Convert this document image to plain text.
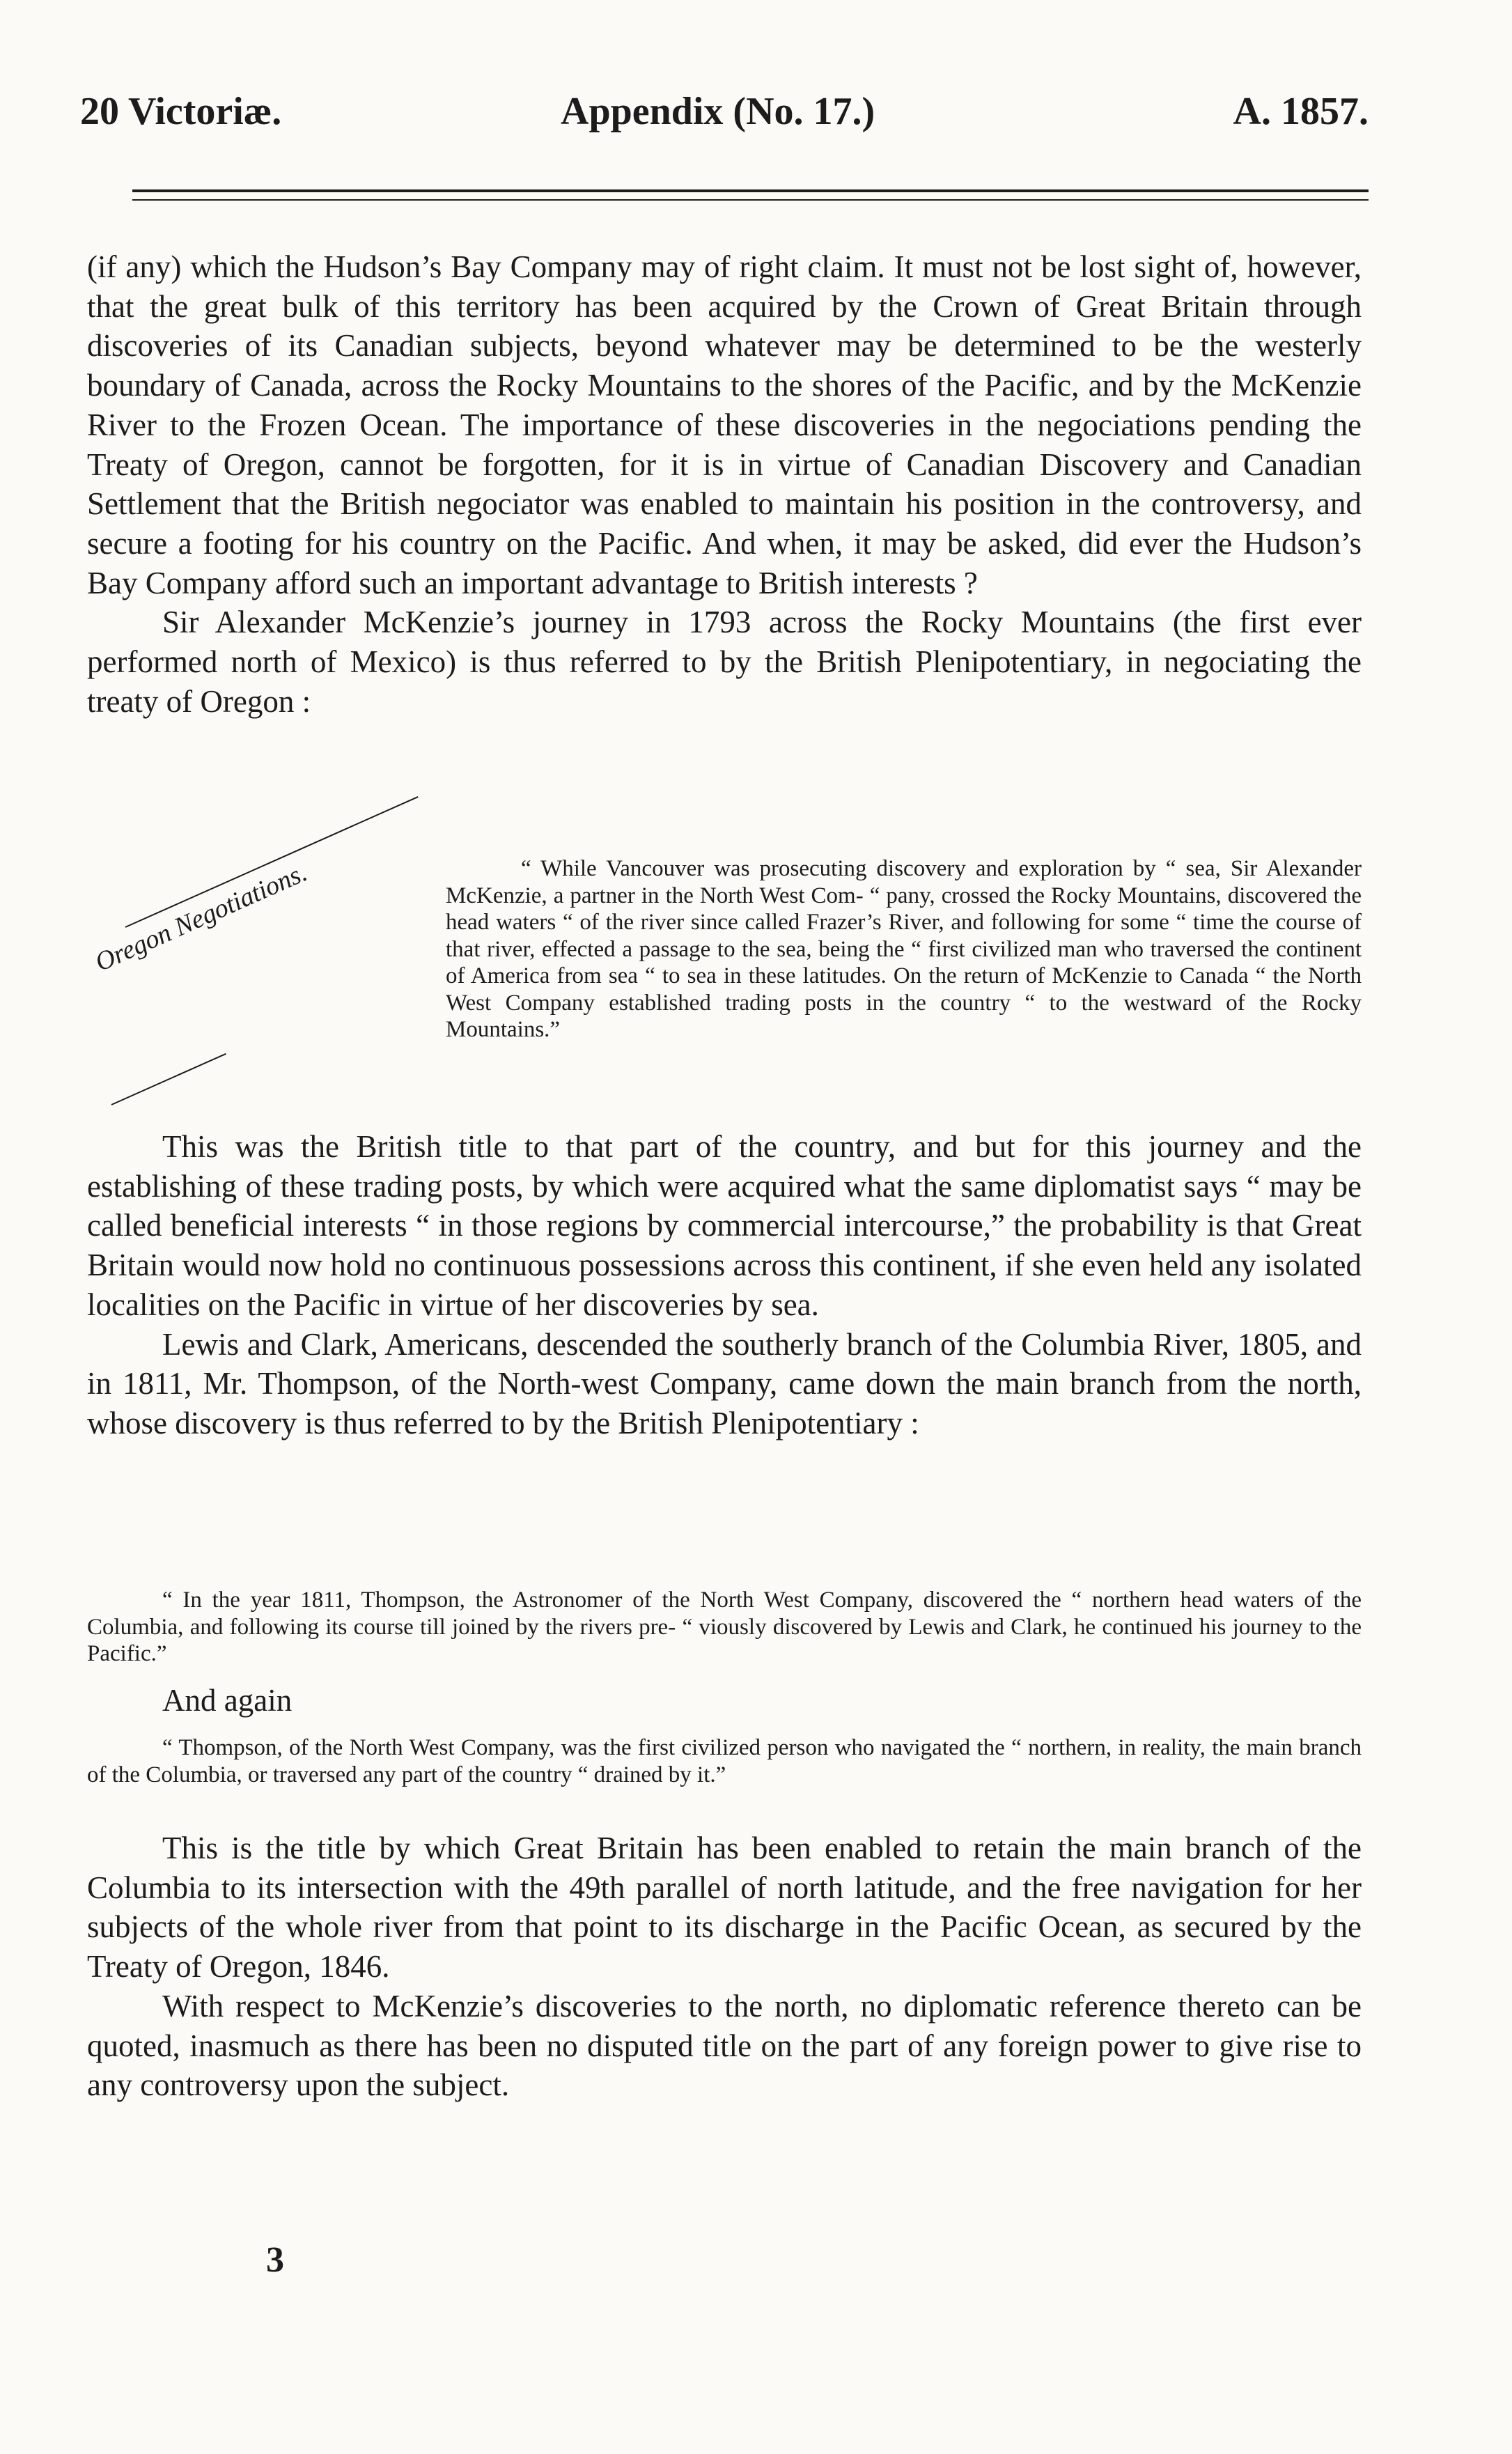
20 Victoriæ.	Appendix (No. 17.)	A. 1857.

(if any) which the Hudson’s Bay Company may of right claim. It must not be lost sight of, however, that the great bulk of this territory has been acquired by the Crown of Great Britain through discoveries of its Canadian subjects, beyond whatever may be determined to be the westerly boundary of Canada, across the Rocky Mountains to the shores of the Pacific, and by the McKenzie River to the Frozen Ocean. The importance of these discoveries in the negociations pending the Treaty of Oregon, cannot be forgotten, for it is in virtue of Canadian Discovery and Canadian Settlement that the British negociator was enabled to maintain his position in the controversy, and secure a footing for his country on the Pacific. And when, it may be asked, did ever the Hudson’s Bay Company afford such an important advantage to British interests ?

Sir Alexander McKenzie’s journey in 1793 across the Rocky Mountains (the first ever performed north of Mexico) is thus referred to by the British Plenipotentiary, in negociating the treaty of Oregon :

“ While Vancouver was prosecuting discovery and exploration by “ sea, Sir Alexander McKenzie, a partner in the North West Com- “ pany, crossed the Rocky Mountains, discovered the head waters “ of the river since called Frazer’s River, and following for some “ time the course of that river, effected a passage to the sea, being the “ first civilized man who traversed the continent of America from sea “ to sea in these latitudes. On the return of McKenzie to Canada “ the North West Company established trading posts in the country “ to the westward of the Rocky Mountains.”

Oregon Negotiations.

This was the British title to that part of the country, and but for this journey and the establishing of these trading posts, by which were acquired what the same diplomatist says “ may be called beneficial interests “ in those regions by commercial intercourse,” the probability is that Great Britain would now hold no continuous possessions across this continent, if she even held any isolated localities on the Pacific in virtue of her discoveries by sea.

Lewis and Clark, Americans, descended the southerly branch of the Columbia River, 1805, and in 1811, Mr. Thompson, of the North-west Company, came down the main branch from the north, whose discovery is thus referred to by the British Plenipotentiary :

“ In the year 1811, Thompson, the Astronomer of the North West Company, discovered the “ northern head waters of the Columbia, and following its course till joined by the rivers pre- “ viously discovered by Lewis and Clark, he continued his journey to the Pacific.”

And again

“ Thompson, of the North West Company, was the first civilized person who navigated the “ northern, in reality, the main branch of the Columbia, or traversed any part of the country “ drained by it.”

This is the title by which Great Britain has been enabled to retain the main branch of the Columbia to its intersection with the 49th parallel of north latitude, and the free navigation for her subjects of the whole river from that point to its discharge in the Pacific Ocean, as secured by the Treaty of Oregon, 1846.

With respect to McKenzie’s discoveries to the north, no diplomatic reference thereto can be quoted, inasmuch as there has been no disputed title on the part of any foreign power to give rise to any controversy upon the subject.

3
